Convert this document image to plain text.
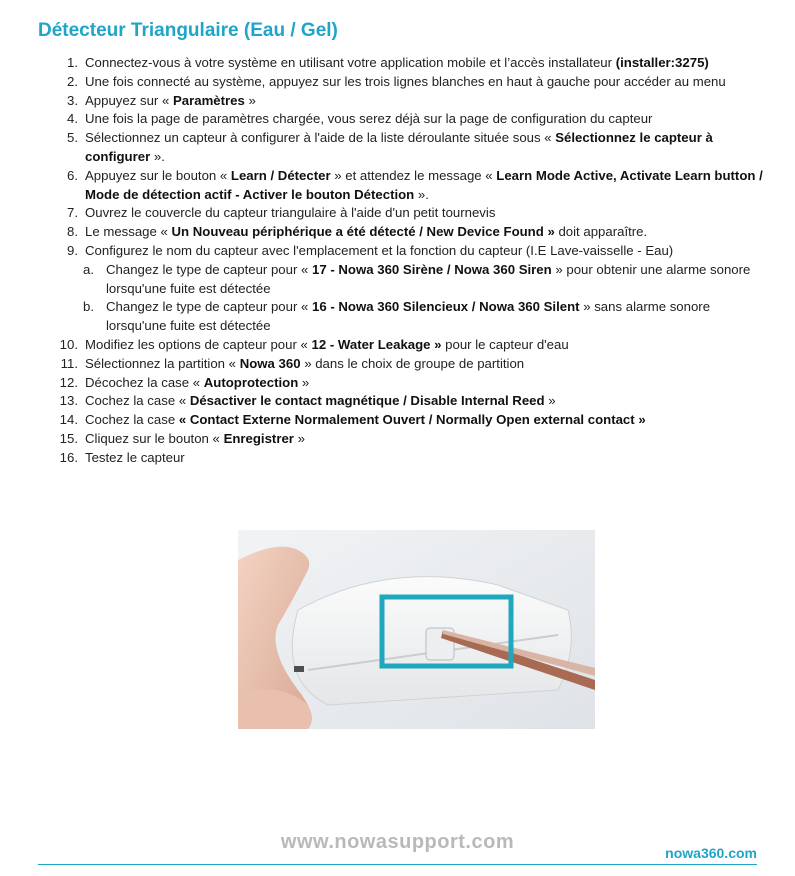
Détecteur Triangulaire (Eau / Gel)
1. Connectez-vous à votre système en utilisant votre application mobile et l’accès installateur (installer:3275)
2. Une fois connecté au système, appuyez sur les trois lignes blanches en haut à gauche pour accéder au menu
3. Appuyez sur « Paramètres »
4. Une fois la page de paramètres chargée, vous serez déjà sur la page de configuration du capteur
5. Sélectionnez un capteur à configurer à l'aide de la liste déroulante située sous « Sélectionnez le capteur à configurer ».
6. Appuyez sur le bouton « Learn / Détecter » et attendez le message « Learn Mode Active, Activate Learn button / Mode de détection actif - Activer le bouton Détection ».
7. Ouvrez le couvercle du capteur triangulaire à l'aide d'un petit tournevis
8. Le message « Un Nouveau périphérique a été détecté / New Device Found » doit apparaître.
9. Configurez le nom du capteur avec l'emplacement et la fonction du capteur (I.E Lave-vaisselle - Eau)
a. Changez le type de capteur pour « 17 - Nowa 360 Sirène / Nowa 360 Siren » pour obtenir une alarme sonore lorsqu'une fuite est détectée
b. Changez le type de capteur pour « 16 - Nowa 360 Silencieux / Nowa 360 Silent » sans alarme sonore lorsqu'une fuite est détectée
10. Modifiez les options de capteur pour « 12 - Water Leakage » pour le capteur d'eau
11. Sélectionnez la partition « Nowa 360 » dans le choix de groupe de partition
12. Décochez la case « Autoprotection »
13. Cochez la case « Désactiver le contact magnétique / Disable Internal Reed »
14. Cochez la case « Contact Externe Normalement Ouvert / Normally Open external contact »
15. Cliquez sur le bouton « Enregistrer »
16. Testez le capteur
www.nowasupport.com	nowa360.com
